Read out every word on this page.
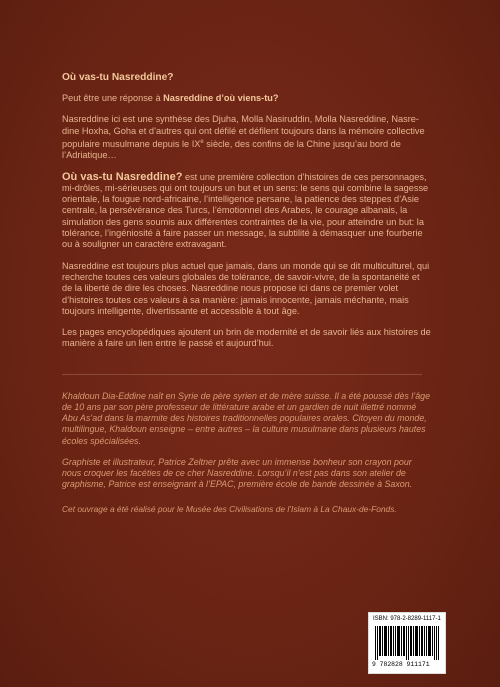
Où vas-tu Nasreddine?

Peut être une réponse à Nasreddine d’où viens-tu?

Nasreddine ici est une synthèse des Djuha, Molla Nasiruddin, Molla Nasreddine, Nasre-dine Hoxha, Goha et d’autres qui ont défilé et défilent toujours dans la mémoire collective populaire musulmane depuis le IXe siècle, des confins de la Chine jusqu’au bord de l’Adriatique…

Où vas-tu Nasreddine? est une première collection d’histoires de ces personnages, mi-drôles, mi-sérieuses qui ont toujours un but et un sens: le sens qui combine la sagesse orientale, la fougue nord-africaine, l’intelligence persane, la patience des steppes d’Asie centrale, la persévérance des Turcs, l’émotionnel des Arabes, le courage albanais, la simulation des gens soumis aux différentes contraintes de la vie, pour atteindre un but: la tolérance, l’ingéniosité à faire passer un message, la subtilité à démasquer une fourberie ou à souligner un caractère extravagant.

Nasreddine est toujours plus actuel que jamais, dans un monde qui se dit multiculturel, qui recherche toutes ces valeurs globales de tolérance, de savoir-vivre, de la spontanéité et de la liberté de dire les choses. Nasreddine nous propose ici dans ce premier volet d’histoires toutes ces valeurs à sa manière: jamais innocente, jamais méchante, mais toujours intelligente, divertissante et accessible à tout âge.

Les pages encyclopédiques ajoutent un brin de modernité et de savoir liés aux histoires de manière à faire un lien entre le passé et aujourd’hui.

Khaldoun Dia-Eddine naît en Syrie de père syrien et de mère suisse. Il a été poussé dès l’âge de 10 ans par son père professeur de littérature arabe et un gardien de nuit illettré nommé Abu As’ad dans la marmite des histoires traditionnelles populaires orales. Citoyen du monde, multilingue, Khaldoun enseigne – entre autres – la culture musulmane dans plusieurs hautes écoles spécialisées.

Graphiste et illustrateur, Patrice Zeltner prête avec un immense bonheur son crayon pour nous croquer les facéties de ce cher Nasreddine. Lorsqu’il n’est pas dans son atelier de graphisme, Patrice est enseignant à l’EPAC, première école de bande dessinée à Saxon.

Cet ouvrage a été réalisé pour le Musée des Civilisations de l’Islam à La Chaux-de-Fonds.

ISBN: 978-2-8289-1117-1
9 782828 911171
